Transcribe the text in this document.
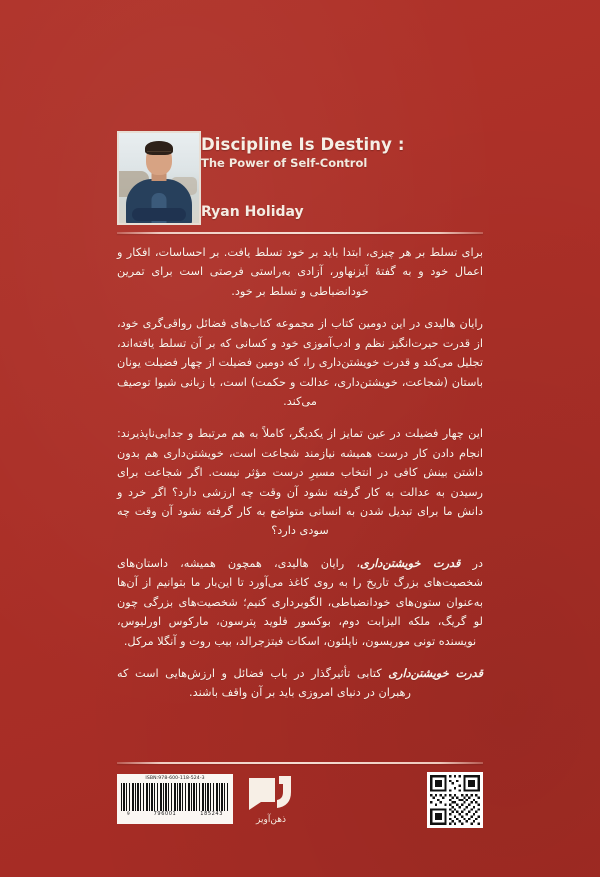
Discipline Is Destiny :
The Power of Self-Control
Ryan Holiday

برای تسلط بر هر چیزی، ابتدا باید بر خود تسلط یافت. بر احساسات، افکار و اعمال خود و به گفتهٔ آیزنهاور، آزادی به‌راستی فرصتی است برای تمرین خودانضباطی و تسلط بر خود.

رایان هالیدی در این دومین کتاب از مجموعه کتاب‌های فضائل رواقی‌گری خود، از قدرت حیرت‌انگیز نظم و ادب‌آموزی خود و کسانی که بر آن تسلط یافته‌اند، تجلیل می‌کند و قدرت خویشتن‌داری را، که دومین فضیلت از چهار فضیلت یونان باستان (شجاعت، خویشتن‌داری، عدالت و حکمت) است، با زبانی شیوا توصیف می‌کند.

این چهار فضیلت در عین تمایز از یکدیگر، کاملاً به هم مرتبط و جدایی‌ناپذیرند: انجام دادن کار درست همیشه نیازمند شجاعت است، خویشتن‌داری هم بدون داشتن بینش کافی در انتخاب مسیرِ درست مؤثر نیست. اگر شجاعت برای رسیدن به عدالت به کار گرفته نشود آن وقت چه ارزشی دارد؟ اگر خرد و دانش ما برای تبدیل شدن به انسانی متواضع به کار گرفته نشود آن وقت چه سودی دارد؟

در قدرت خویشتن‌داری، رایان هالیدی، همچون همیشه، داستان‌های شخصیت‌های بزرگ تاریخ را به روی کاغذ می‌آورد تا این‌بار ما بتوانیم از آن‌ها به‌عنوان ستون‌های خودانضباطی، الگوبرداری کنیم؛ شخصیت‌های بزرگی چون لو گریگ، ملکه الیزابت دوم، بوکسور فلوید پترسون، مارکوس اورلیوس، نویسنده تونی موریسون، ناپلئون، اسکات فیتزجرالد، بیب روت و آنگلا مرکل.

قدرت خویشتن‌داری کتابی تأثیرگذار در باب فضائل و ارزش‌هایی است که رهبران در دنیای امروزی باید بر آن واقف باشند.

ذهن‌آویز
ISBN:978-600-118-524-3
9	796001	185243
